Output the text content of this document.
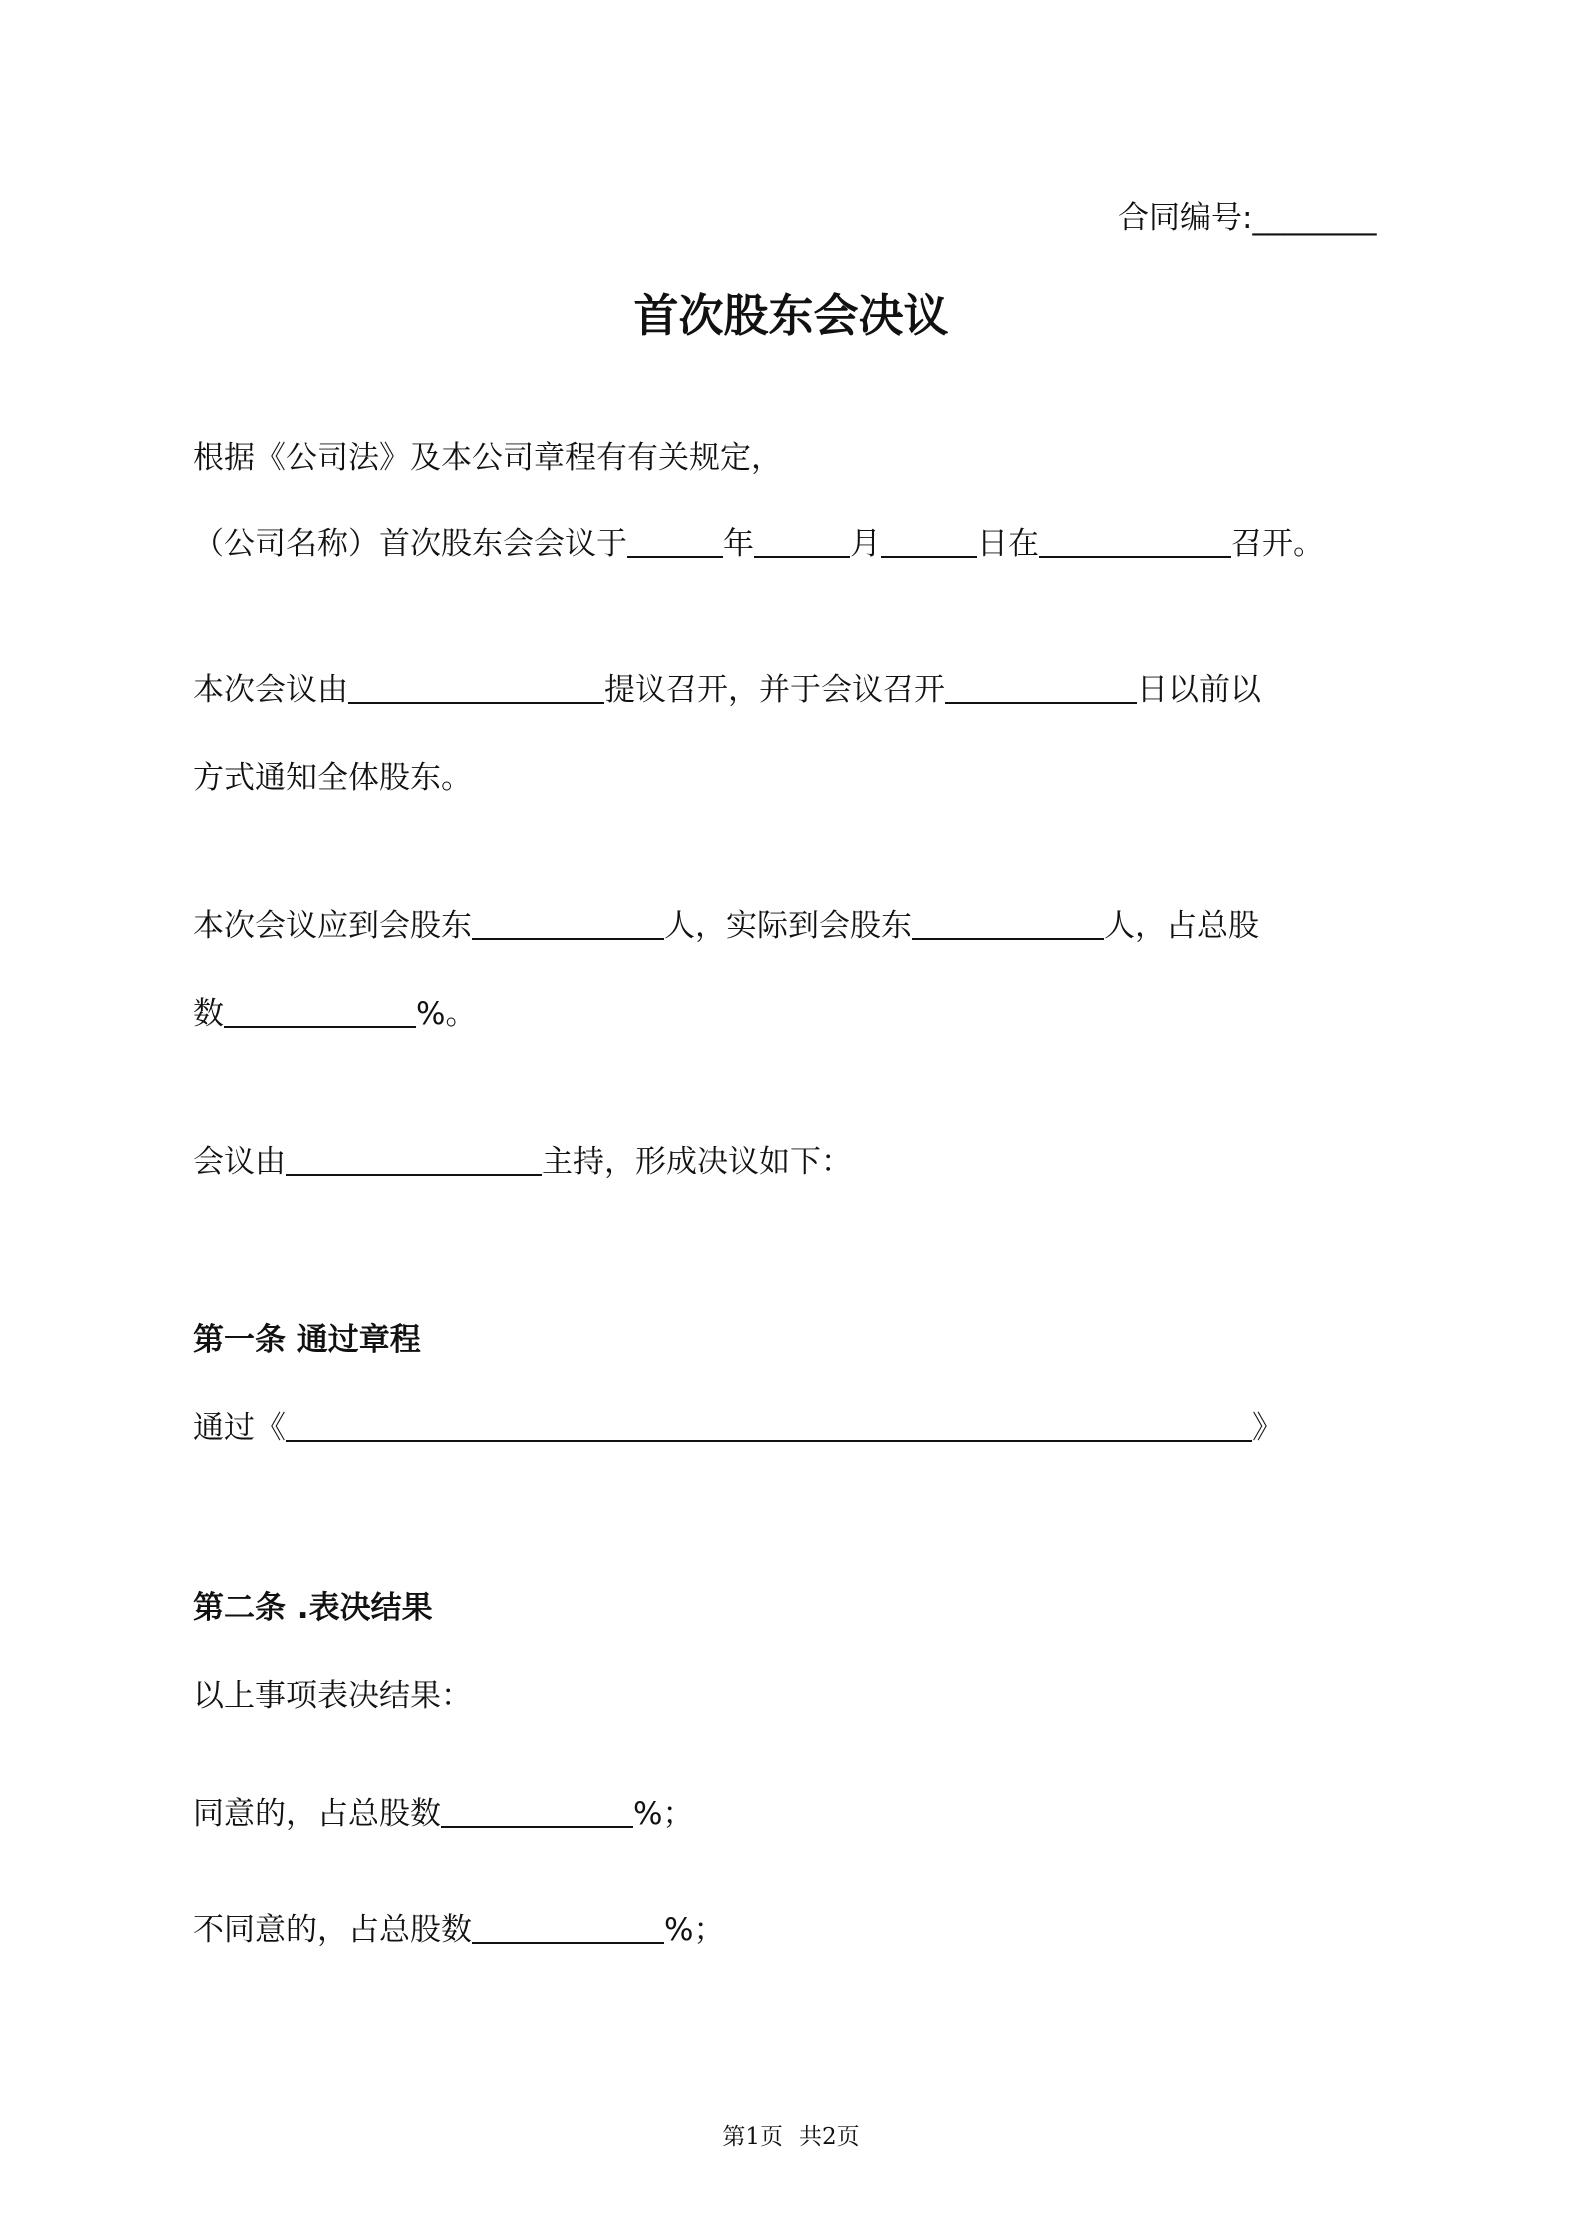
合同编号:________
首次股东会决议
根据《公司法》及本公司章程有有关规定，
（公司名称）首次股东会会议于	年	月	日在	召开。
本次会议由	提议召开，并于会议召开	日以前以
方式通知全体股东。
本次会议应到会股东	人，实际到会股东	人，占总股
数	%。
会议由	主持，形成决议如下：
第一条 通过章程
通过《	》
第二条 .表决结果
以上事项表决结果：
同意的，占总股数	%；
不同意的，占总股数	%；
第1页 共2页
